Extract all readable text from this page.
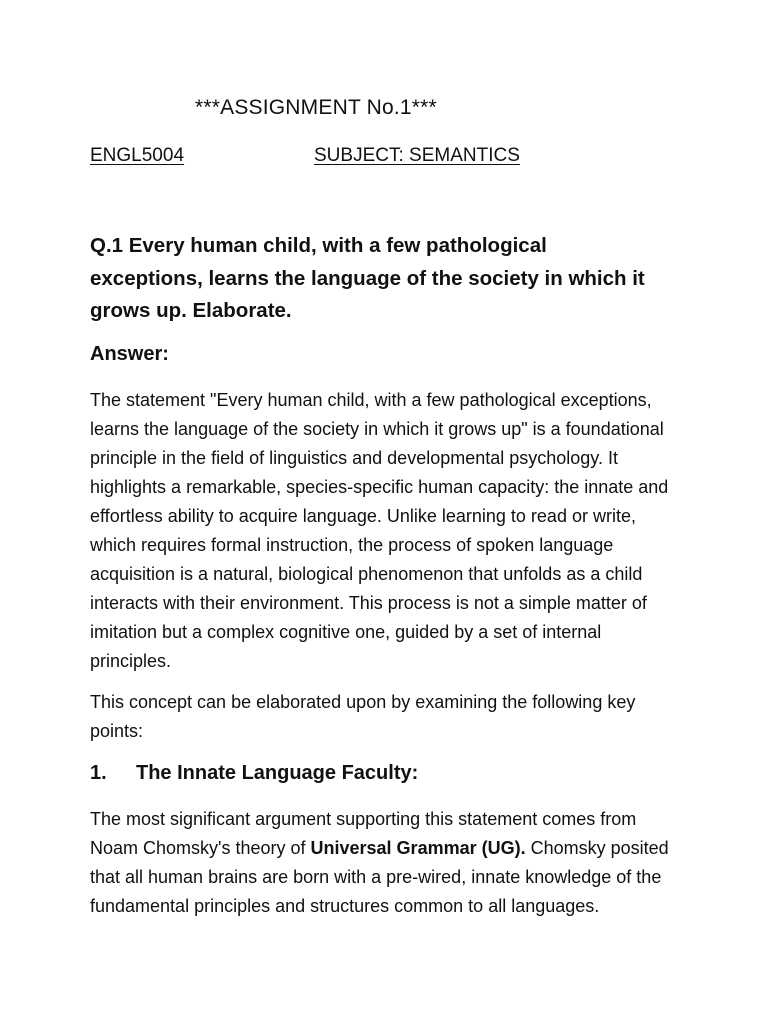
***ASSIGNMENT No.1***
ENGL5004	SUBJECT: SEMANTICS

Q.1 Every human child, with a few pathological exceptions, learns the language of the society in which it grows up. Elaborate.

Answer:

The statement "Every human child, with a few pathological exceptions, learns the language of the society in which it grows up" is a foundational principle in the field of linguistics and developmental psychology. It highlights a remarkable, species-specific human capacity: the innate and effortless ability to acquire language. Unlike learning to read or write, which requires formal instruction, the process of spoken language acquisition is a natural, biological phenomenon that unfolds as a child interacts with their environment. This process is not a simple matter of imitation but a complex cognitive one, guided by a set of internal principles.

This concept can be elaborated upon by examining the following key points:

1. The Innate Language Faculty:

The most significant argument supporting this statement comes from Noam Chomsky's theory of Universal Grammar (UG). Chomsky posited that all human brains are born with a pre-wired, innate knowledge of the fundamental principles and structures common to all languages.
